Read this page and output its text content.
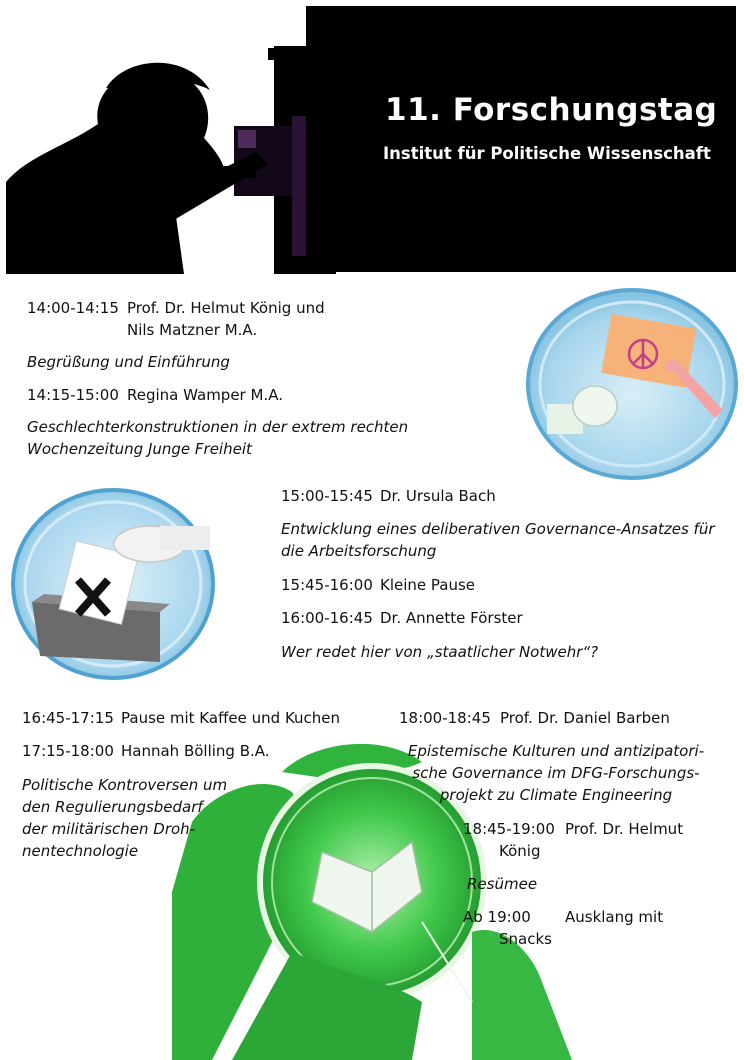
11. Forschungstag
Institut für Politische Wissenschaft
14:00-14:15 Prof. Dr. Helmut König und
Nils Matzner M.A.
Begrüßung und Einführung
14:15-15:00 Regina Wamper M.A.
Geschlechterkonstruktionen in der extrem rechten
Wochenzeitung Junge Freiheit
15:00-15:45 Dr. Ursula Bach
Entwicklung eines deliberativen Governance-Ansatzes für
die Arbeitsforschung
15:45-16:00 Kleine Pause
16:00-16:45 Dr. Annette Förster
Wer redet hier von „staatlicher Notwehr“?
16:45-17:15 Pause mit Kaffee und Kuchen
17:15-18:00 Hannah Bölling B.A.
Politische Kontroversen um
den Regulierungsbedarf
der militärischen Droh-
nentechnologie
18:00-18:45 Prof. Dr. Daniel Barben
Epistemische Kulturen und antizipatori-
sche Governance im DFG-Forschungs-
projekt zu Climate Engineering
18:45-19:00 Prof. Dr. Helmut
König
Resümee
Ab 19:00 Ausklang mit
Snacks
